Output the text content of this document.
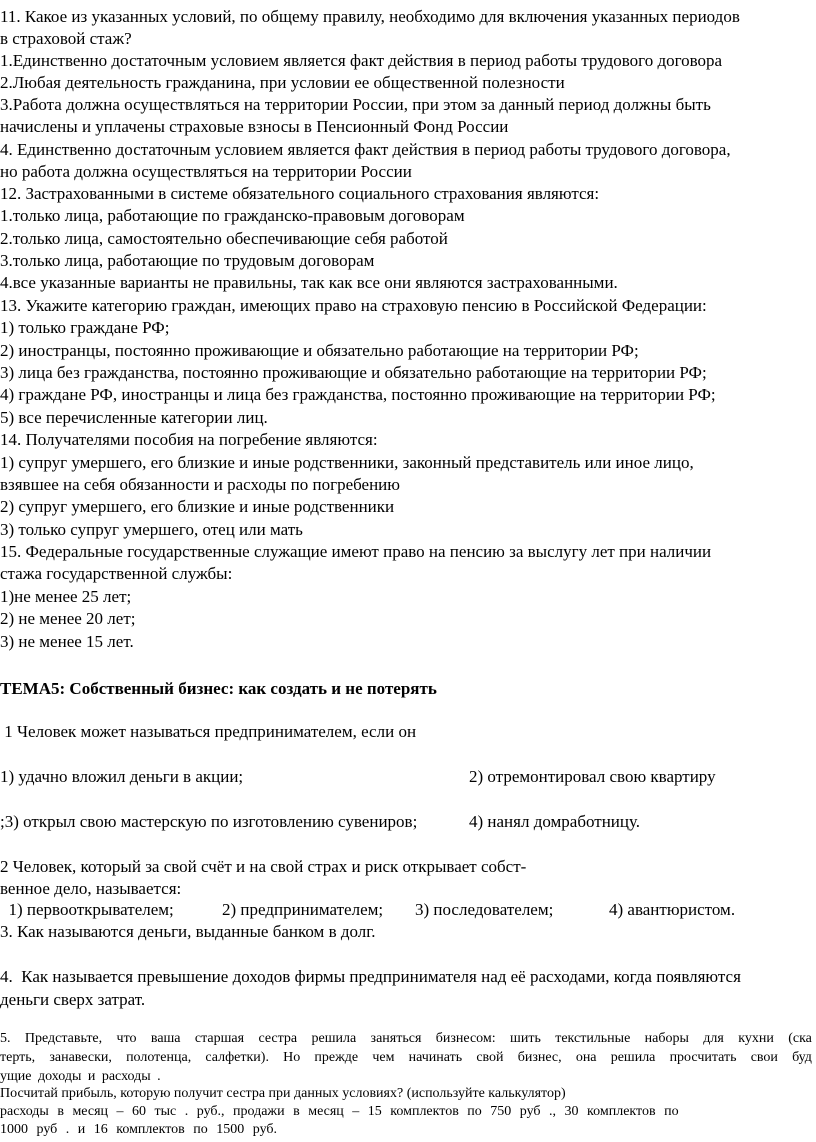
11. Какое из указанных условий, по общему правилу, необходимо для включения указанных периодов
в страховой стаж?
1.Единственно достаточным условием является факт действия в период работы трудового договора
2.Любая деятельность гражданина, при условии ее общественной полезности
3.Работа должна осуществляться на территории России, при этом за данный период должны быть
начислены и уплачены страховые взносы в Пенсионный Фонд России
4. Единственно достаточным условием является факт действия в период работы трудового договора,
но работа должна осуществляться на территории России
12. Застрахованными в системе обязательного социального страхования являются:
1.только лица, работающие по гражданско-правовым договорам
2.только лица, самостоятельно обеспечивающие себя работой
3.только лица, работающие по трудовым договорам
4.все указанные варианты не правильны, так как все они являются застрахованными.
13. Укажите категорию граждан, имеющих право на страховую пенсию в Российской Федерации:
1) только граждане РФ;
2) иностранцы, постоянно проживающие и обязательно работающие на территории РФ;
3) лица без гражданства, постоянно проживающие и обязательно работающие на территории РФ;
4) граждане РФ, иностранцы и лица без гражданства, постоянно проживающие на территории РФ;
5) все перечисленные категории лиц.
14. Получателями пособия на погребение являются:
1) супруг умершего, его близкие и иные родственники, законный представитель или иное лицо,
взявшее на себя обязанности и расходы по погребению
2) супруг умершего, его близкие и иные родственники
3) только супруг умершего, отец или мать
15. Федеральные государственные служащие имеют право на пенсию за выслугу лет при наличии
стажа государственной службы:
1)не менее 25 лет;
2) не менее 20 лет;
3) не менее 15 лет.
ТЕМА5: Собственный бизнес: как создать и не потерять
1 Человек может называться предпринимателем, если он
1) удачно вложил деньги в акции;	2) отремонтировал свою квартиру
;3) открыл свою мастерскую по изготовлению сувениров;	4) нанял домработницу.
2 Человек, который за свой счёт и на свой страх и риск открывает собст-
венное дело, называется:
1) первооткрывателем;	2) предпринимателем; 3) последователем;	4) авантюристом.
3. Как называются деньги, выданные банком в долг.
4.  Как называется превышение доходов фирмы предпринимателя над её расходами, когда появляются
деньги сверх затрат.
5. Представьте, что ваша старшая сестра решила заняться бизнесом: шить текстильные наборы для кухни (ска
терть, занавески, полотенца, салфетки). Но прежде чем начинать свой бизнес, она решила просчитать свои буд
ущие доходы и расходы .
Посчитай прибыль, которую получит сестра при данных условиях? (используйте калькулятор)
расходы в месяц – 60 тыс . руб., продажи в месяц – 15 комплектов по 750 руб ., 30 комплектов по
1000 руб . и 16 комплектов по 1500 руб.
